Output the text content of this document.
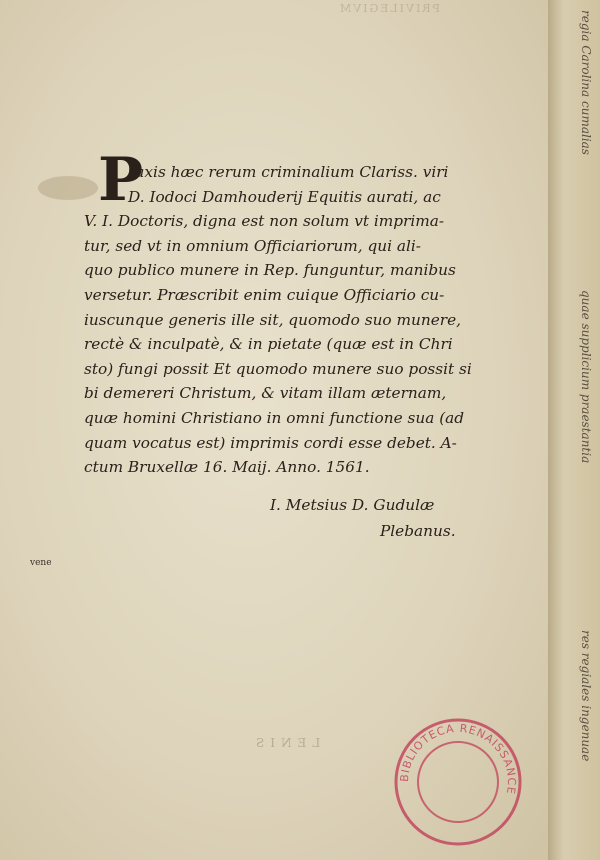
PRIVILEGIVM
P
raxis hæc rerum criminalium Clariss. viri
D. Iodoci Damhouderij Equitis aurati, ac
V. I. Doctoris, digna est non solum vt imprima-
tur, sed vt in omnium Officiariorum, qui ali-
quo publico munere in Rep. funguntur, manibus
versetur. Præscribit enim cuique Officiario cu-
iuscunque generis ille sit, quomodo suo munere,
rectè & inculpatè, & in pietate (quæ est in Chri
sto) fungi possit Et quomodo munere suo possit si
bi demereri Christum, & vitam illam æternam,
quæ homini Christiano in omni functione sua (ad
quam vocatus est) imprimis cordi esse debet. A-
ctum Bruxellæ 16. Maij. Anno. 1561.
I. Metsius D. Gudulæ
Plebanus.
vene
LENIS
BIBLIOTECA RENAISSANCE
regia Carolina cumalias
quae supplicium praestantia
res regiales ingenuae
